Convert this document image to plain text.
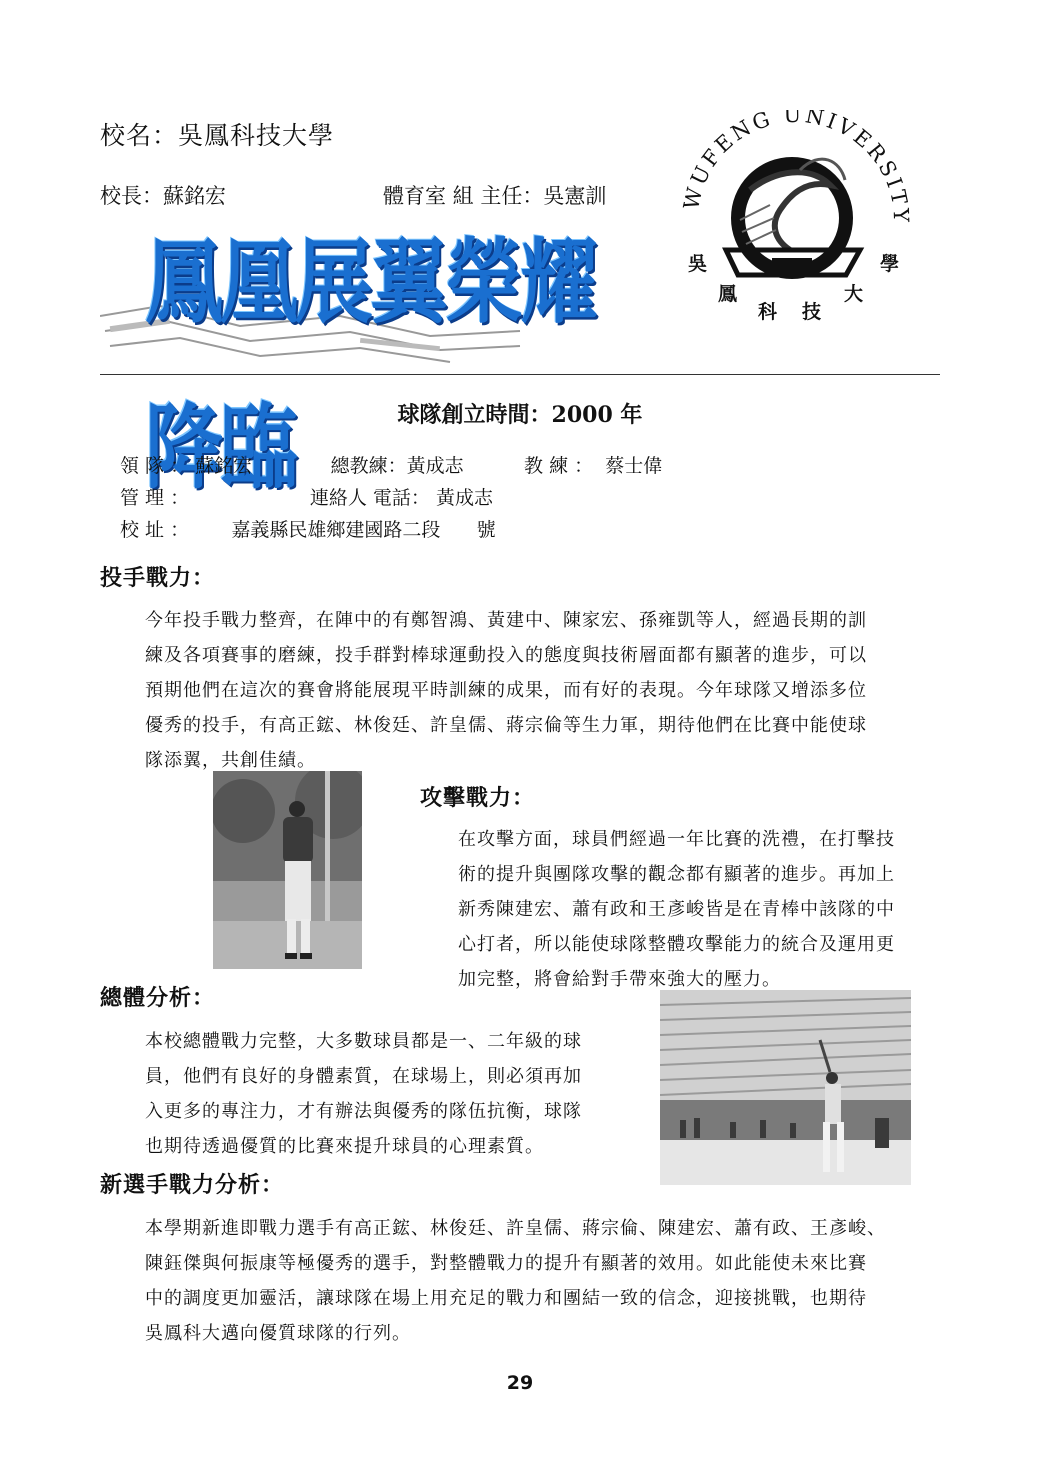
校名：吳鳳科技大學
校長：蘇銘宏	體育室 組 主任：吳憲訓
鳳凰展翼榮耀降臨
WUFENG UNIVERSIT
吳
鳳
科 技
大
學
球隊創立時間：2000 年
領 隊 ： 蘇銘宏             總教練：黃成志          教 練 ：  蔡士偉
管 理 ：                    連絡人 電話： 黃成志
校 址 ：       嘉義縣民雄鄉建國路二段      號
投手戰力：
今年投手戰力整齊，在陣中的有鄭智鴻、黃建中、陳家宏、孫雍凱等人，經過長期的訓
練及各項賽事的磨練，投手群對棒球運動投入的態度與技術層面都有顯著的進步，可以
預期他們在這次的賽會將能展現平時訓練的成果，而有好的表現。今年球隊又增添多位
優秀的投手，有高正鋐、林俊廷、許皇儒、蔣宗倫等生力軍，期待他們在比賽中能使球
隊添翼，共創佳績。
攻擊戰力：
在攻擊方面，球員們經過一年比賽的洗禮，在打擊技
術的提升與團隊攻擊的觀念都有顯著的進步。再加上
新秀陳建宏、蕭有政和王彥峻皆是在青棒中該隊的中
心打者，所以能使球隊整體攻擊能力的統合及運用更
加完整，將會給對手帶來強大的壓力。
總體分析：
本校總體戰力完整，大多數球員都是一、二年級的球
員，他們有良好的身體素質，在球場上，則必須再加
入更多的專注力，才有辦法與優秀的隊伍抗衡，球隊
也期待透過優質的比賽來提升球員的心理素質。
新選手戰力分析：
本學期新進即戰力選手有高正鋐、林俊廷、許皇儒、蔣宗倫、陳建宏、蕭有政、王彥峻、
陳鈺傑與何振康等極優秀的選手，對整體戰力的提升有顯著的效用。如此能使未來比賽
中的調度更加靈活，讓球隊在場上用充足的戰力和團結一致的信念，迎接挑戰，也期待
吳鳳科大邁向優質球隊的行列。
29
